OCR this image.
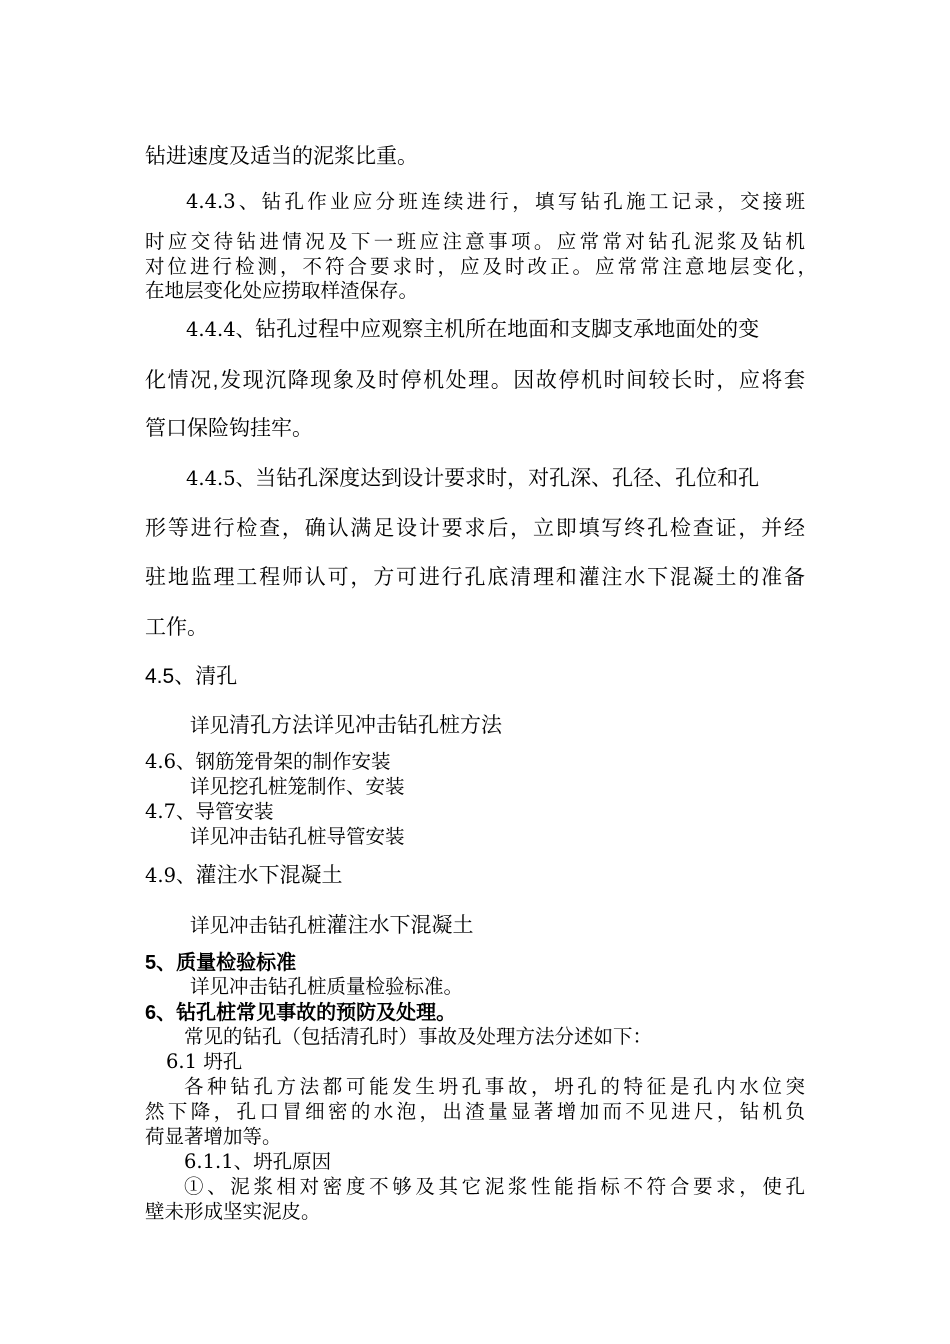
钻进速度及适当的泥浆比重。

4.4.3、钻孔作业应分班连续进行，填写钻孔施工记录，交接班

时应交待钻进情况及下一班应注意事项。应常常对钻孔泥浆及钻机

对位进行检测，不符合要求时，应及时改正。应常常注意地层变化，

在地层变化处应捞取样渣保存。

4.4.4、钻孔过程中应观察主机所在地面和支脚支承地面处的变

化情况,发现沉降现象及时停机处理。因故停机时间较长时，应将套

管口保险钩挂牢。

4.4.5、当钻孔深度达到设计要求时，对孔深、孔径、孔位和孔

形等进行检查，确认满足设计要求后，立即填写终孔检查证，并经

驻地监理工程师认可，方可进行孔底清理和灌注水下混凝土的准备

工作。

4.5、清孔

详见清孔方法详见冲击钻孔桩方法

4.6、钢筋笼骨架的制作安装

详见挖孔桩笼制作、安装

4.7、导管安装

详见冲击钻孔桩导管安装

4.9、灌注水下混凝土

详见冲击钻孔桩灌注水下混凝土

5、质量检验标准

详见冲击钻孔桩质量检验标准。

6、钻孔桩常见事故的预防及处理。

常见的钻孔（包括清孔时）事故及处理方法分述如下：

6.1 坍孔

各种钻孔方法都可能发生坍孔事故，坍孔的特征是孔内水位突

然下降，孔口冒细密的水泡，出渣量显著增加而不见进尺，钻机负

荷显著增加等。

6.1.1、坍孔原因

①、泥浆相对密度不够及其它泥浆性能指标不符合要求，使孔

壁未形成坚实泥皮。
